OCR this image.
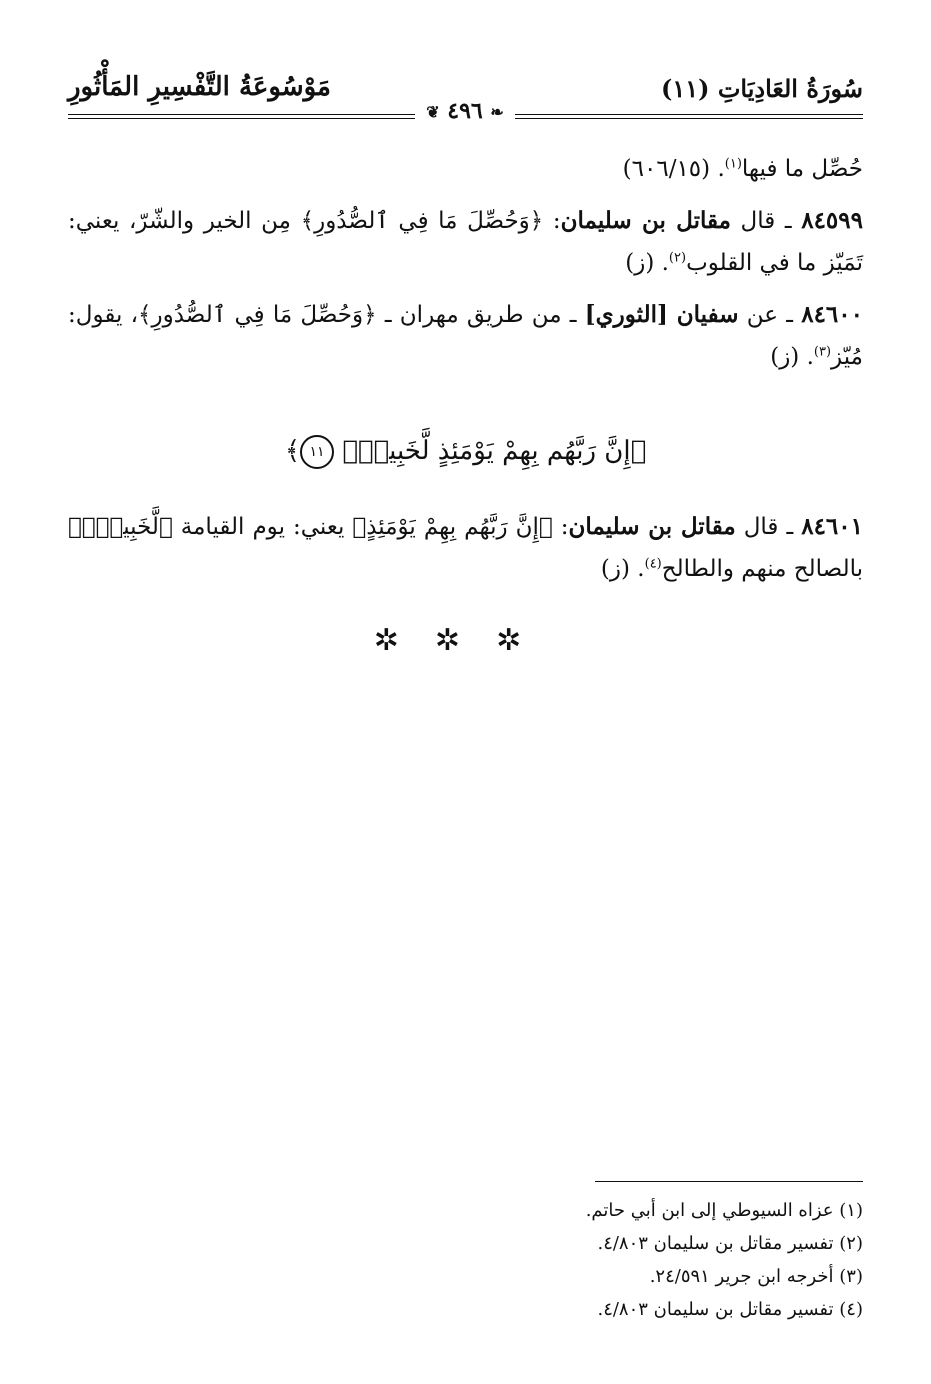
سُورَةُ العَادِيَاتِ (١١)
مَوْسُوعَةُ التَّفْسِيرِ المَأْثُورِ
❦ ٤٩٦ ❧

حُصِّل ما فيها$^{(١)}$. (٦٠٦/١٥)

٨٤٥٩٩ ـ قال مقاتل بن سليمان: ﴿وَحُصِّلَ مَا فِي ٱلصُّدُورِ﴾ مِن الخير والشّرّ، يعني: تَمَيّز ما في القلوب$^{(٢)}$. (ز)

٨٤٦٠٠ ـ عن سفيان [الثوري] ـ من طريق مهران ـ ﴿وَحُصِّلَ مَا فِي ٱلصُّدُورِ﴾، يقول: مُيّز$^{(٣)}$. (ز)

﴿إِنَّ رَبَّهُم بِهِمْ يَوْمَئِذٍ لَّخَبِيرٌۢ ١١﴾

٨٤٦٠١ ـ قال مقاتل بن سليمان: ﴿إِنَّ رَبَّهُم بِهِمْ يَوْمَئِذٍ﴾ يعني: يوم القيامة ﴿لَّخَبِيرٌۢ﴾ بالصالح منهم والطالح$^{(٤)}$. (ز)

✲✲✲
(١) عزاه السيوطي إلى ابن أبي حاتم.
(٢) تفسير مقاتل بن سليمان ٤/٨٠٣.
(٣) أخرجه ابن جرير ٢٤/٥٩١.
(٤) تفسير مقاتل بن سليمان ٤/٨٠٣.
